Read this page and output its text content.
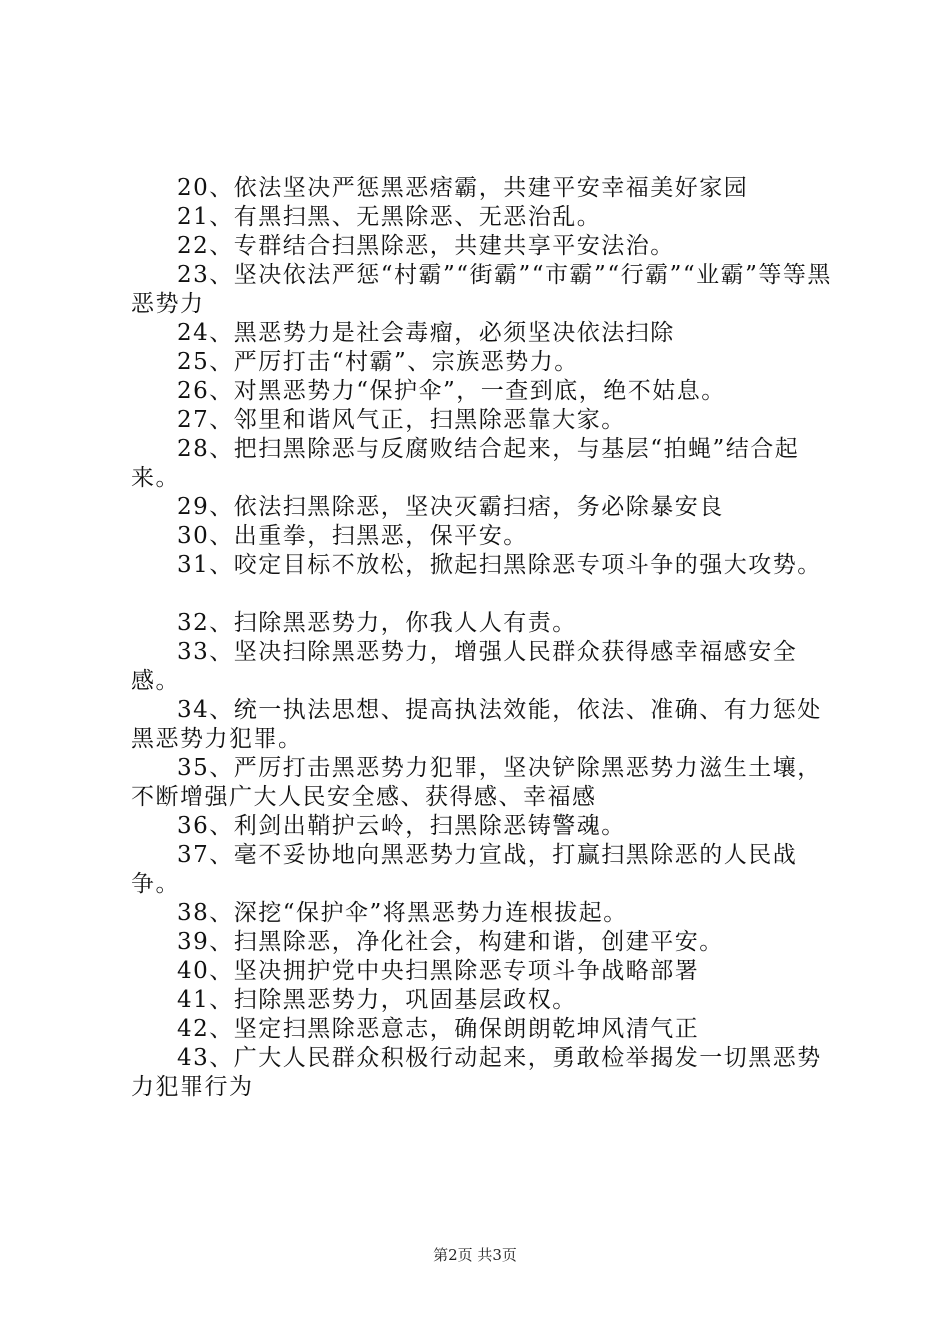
20、依法坚决严惩黑恶痞霸，共建平安幸福美好家园

21、有黑扫黑、无黑除恶、无恶治乱。

22、专群结合扫黑除恶，共建共享平安法治。

23、坚决依法严惩“村霸”“街霸”“市霸”“行霸”“业霸”等等黑恶势力

24、黑恶势力是社会毒瘤，必须坚决依法扫除

25、严厉打击“村霸”、宗族恶势力。

26、对黑恶势力“保护伞”，一查到底，绝不姑息。

27、邻里和谐风气正，扫黑除恶靠大家。

28、把扫黑除恶与反腐败结合起来，与基层“拍蝇”结合起来。

29、依法扫黑除恶，坚决灭霸扫痞，务必除暴安良

30、出重拳，扫黑恶，保平安。

31、咬定目标不放松，掀起扫黑除恶专项斗争的强大攻势。

32、扫除黑恶势力，你我人人有责。

33、坚决扫除黑恶势力，增强人民群众获得感幸福感安全感。

34、统一执法思想、提高执法效能，依法、准确、有力惩处黑恶势力犯罪。

35、严厉打击黑恶势力犯罪，坚决铲除黑恶势力滋生土壤，不断增强广大人民安全感、获得感、幸福感

36、利剑出鞘护云岭，扫黑除恶铸警魂。

37、毫不妥协地向黑恶势力宣战，打赢扫黑除恶的人民战争。

38、深挖“保护伞”将黑恶势力连根拔起。

39、扫黑除恶，净化社会，构建和谐，创建平安。

40、坚决拥护党中央扫黑除恶专项斗争战略部署

41、扫除黑恶势力，巩固基层政权。

42、坚定扫黑除恶意志，确保朗朗乾坤风清气正

43、广大人民群众积极行动起来，勇敢检举揭发一切黑恶势力犯罪行为

第2页 共3页
